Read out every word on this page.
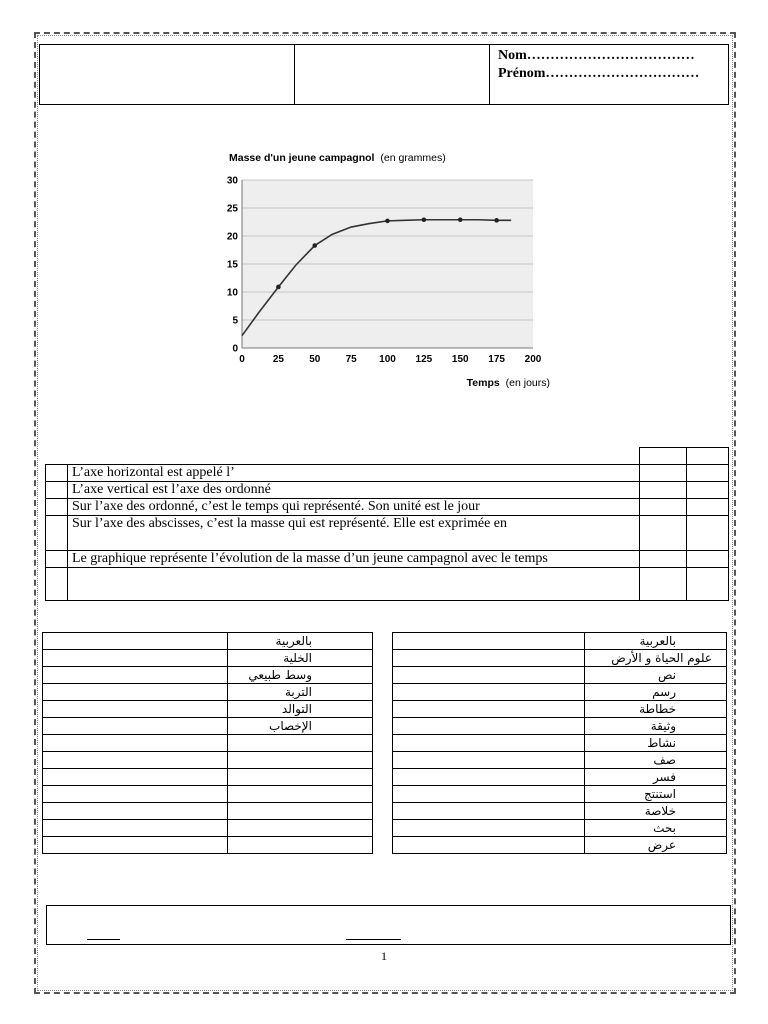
Nom………………………………
Prénom……………………………
0
5
10
15
20
25
30
0	25	50	75 100 125 150 175 200
Masse d'un jeune campagnol (en grammes)
Temps (en jours)

	L’axe horizontal est appelé l’		
	L’axe vertical est l’axe des ordonné		
	Sur l’axe des ordonné, c’est le temps qui représenté. Son unité est le jour		
	Sur l’axe des abscisses, c’est la masse qui est représenté. Elle est exprimée en		
	Le graphique représente l’évolution de la masse d’un jeune campagnol avec le temps		

	بالعربية
	الخلية
	وسط طبيعي
	التربة
	التوالد
	الإخصاب

	بالعربية
	علوم الحياة و الأرض
	نص
	رسم
	خطاطة
	وثيقة
	نشاط
	صف
	فسر
	استنتج
	خلاصة
	بحث
	عرض
1
